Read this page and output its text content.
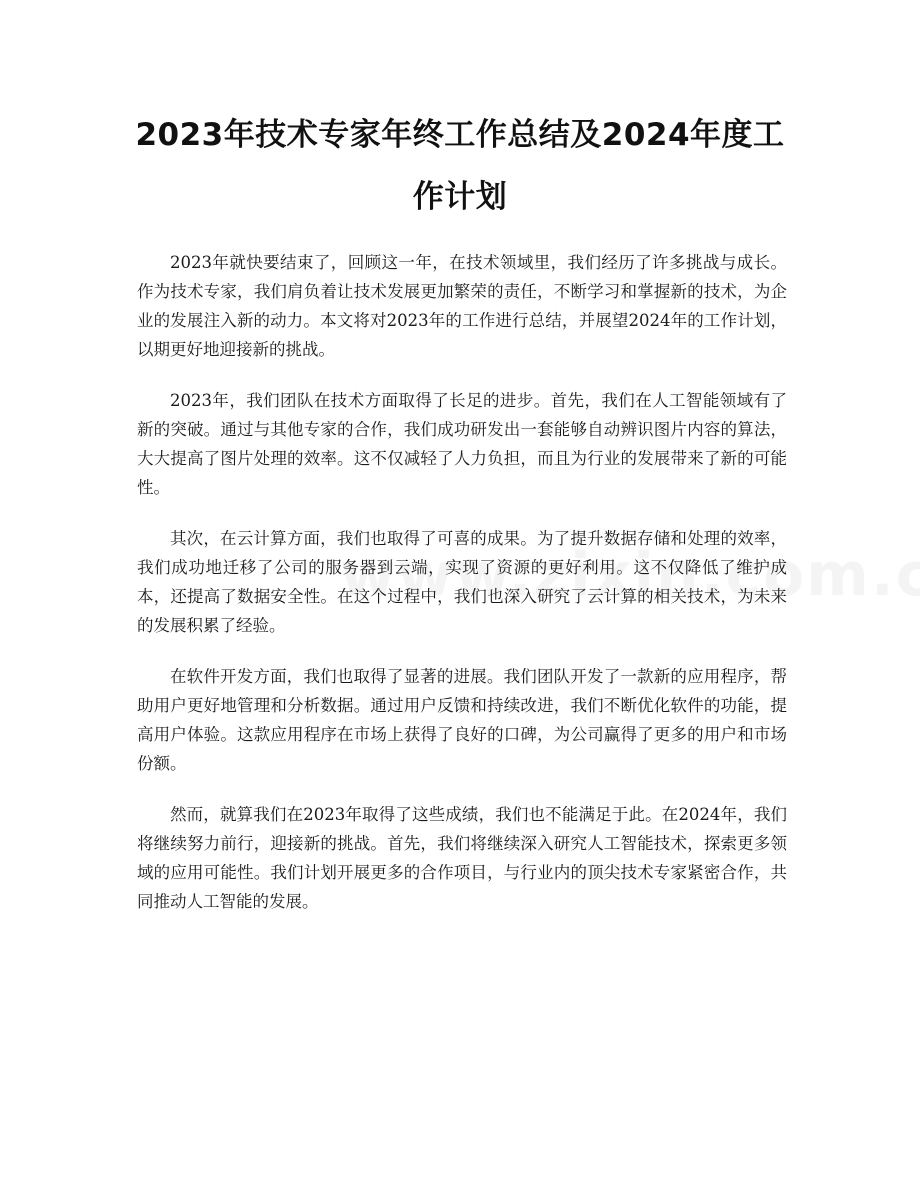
2023年技术专家年终工作总结及2024年度工作计划

2023年就快要结束了，回顾这一年，在技术领域里，我们经历了许多挑战与成长。作为技术专家，我们肩负着让技术发展更加繁荣的责任，不断学习和掌握新的技术，为企业的发展注入新的动力。本文将对2023年的工作进行总结，并展望2024年的工作计划，以期更好地迎接新的挑战。

2023年，我们团队在技术方面取得了长足的进步。首先，我们在人工智能领域有了新的突破。通过与其他专家的合作，我们成功研发出一套能够自动辨识图片内容的算法，大大提高了图片处理的效率。这不仅减轻了人力负担，而且为行业的发展带来了新的可能性。

其次，在云计算方面，我们也取得了可喜的成果。为了提升数据存储和处理的效率，我们成功地迁移了公司的服务器到云端，实现了资源的更好利用。这不仅降低了维护成本，还提高了数据安全性。在这个过程中，我们也深入研究了云计算的相关技术，为未来的发展积累了经验。

在软件开发方面，我们也取得了显著的进展。我们团队开发了一款新的应用程序，帮助用户更好地管理和分析数据。通过用户反馈和持续改进，我们不断优化软件的功能，提高用户体验。这款应用程序在市场上获得了良好的口碑，为公司赢得了更多的用户和市场份额。

然而，就算我们在2023年取得了这些成绩，我们也不能满足于此。在2024年，我们将继续努力前行，迎接新的挑战。首先，我们将继续深入研究人工智能技术，探索更多领域的应用可能性。我们计划开展更多的合作项目，与行业内的顶尖技术专家紧密合作，共同推动人工智能的发展。
